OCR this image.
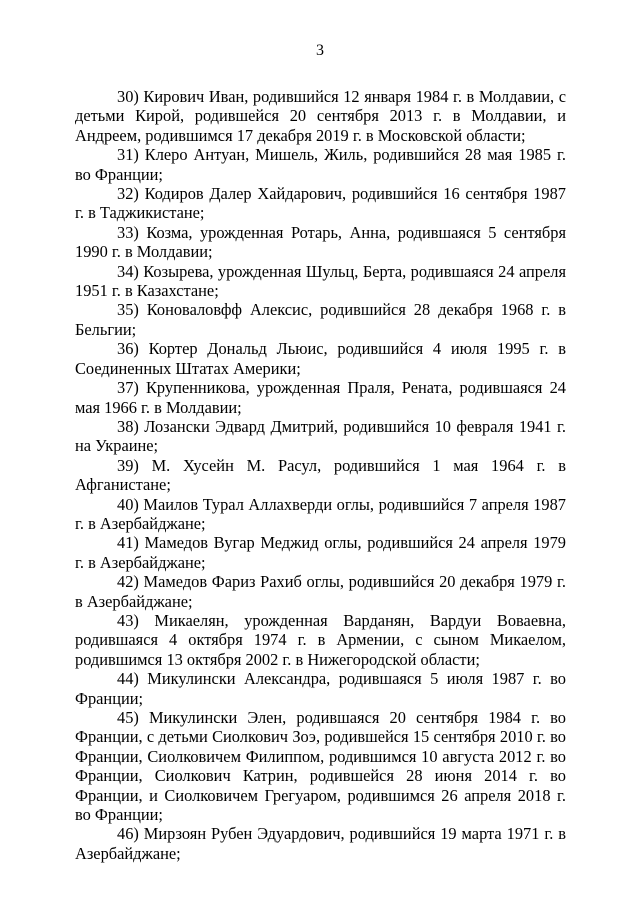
3

30) Кирович Иван, родившийся 12 января 1984 г. в Молдавии, с детьми Кирой, родившейся 20 сентября 2013 г. в Молдавии, и Андреем, родившимся 17 декабря 2019 г. в Московской области;

31) Клеро Антуан, Мишель, Жиль, родившийся 28 мая 1985 г. во Франции;

32) Кодиров Далер Хайдарович, родившийся 16 сентября 1987 г. в Таджикистане;

33) Козма, урожденная Ротарь, Анна, родившаяся 5 сентября 1990 г. в Молдавии;

34) Козырева, урожденная Шульц, Берта, родившаяся 24 апреля 1951 г. в Казахстане;

35) Коноваловфф Алексис, родившийся 28 декабря 1968 г. в Бельгии;

36) Кортер Дональд Льюис, родившийся 4 июля 1995 г. в Соединенных Штатах Америки;

37) Крупенникова, урожденная Праля, Рената, родившаяся 24 мая 1966 г. в Молдавии;

38) Лозански Эдвард Дмитрий, родившийся 10 февраля 1941 г. на Украине;

39) М. Хусейн М. Расул, родившийся 1 мая 1964 г. в Афганистане;

40) Маилов Турал Аллахверди оглы, родившийся 7 апреля 1987 г. в Азербайджане;

41) Мамедов Вугар Меджид оглы, родившийся 24 апреля 1979 г. в Азербайджане;

42) Мамедов Фариз Рахиб оглы, родившийся 20 декабря 1979 г. в Азербайджане;

43) Микаелян, урожденная Варданян, Вардуи Воваевна, родившаяся 4 октября 1974 г. в Армении, с сыном Микаелом, родившимся 13 октября 2002 г. в Нижегородской области;

44) Микулински Александра, родившаяся 5 июля 1987 г. во Франции;

45) Микулински Элен, родившаяся 20 сентября 1984 г. во Франции, с детьми Сиолкович Зоэ, родившейся 15 сентября 2010 г. во Франции, Сиолковичем Филиппом, родившимся 10 августа 2012 г. во Франции, Сиолкович Катрин, родившейся 28 июня 2014 г. во Франции, и Сиолковичем Грегуаром, родившимся 26 апреля 2018 г. во Франции;

46) Мирзоян Рубен Эдуардович, родившийся 19 марта 1971 г. в Азербайджане;
